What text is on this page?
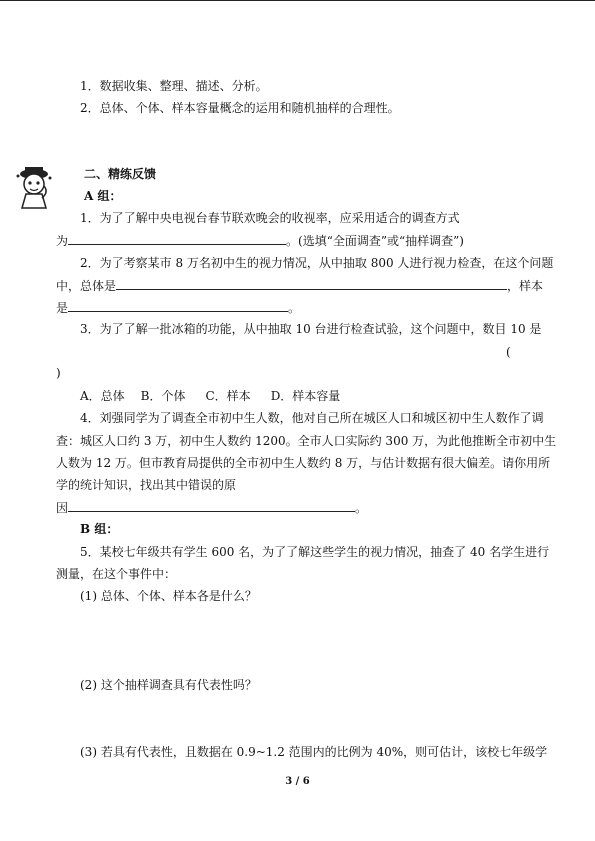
1．数据收集、整理、描述、分析。
2．总体、个体、样本容量概念的运用和随机抽样的合理性。
二、精练反馈
A 组：
1．为了了解中央电视台春节联欢晚会的收视率，应采用适合的调查方式
为	。(选填“全面调查”或“抽样调查”)
2．为了考察某市 8 万名初中生的视力情况，从中抽取 800 人进行视力检查，在这个问题
中，总体是	，样本
是	。
3．为了了解一批冰箱的功能，从中抽取 10 台进行检查试验，这个问题中，数目 10 是
(
)
A．总体 B．个体 C．样本 D．样本容量
4．刘强同学为了调查全市初中生人数，他对自己所在城区人口和城区初中生人数作了调
查：城区人口约 3 万，初中生人数约 1200。全市人口实际约 300 万，为此他推断全市初中生
人数为 12 万。但市教育局提供的全市初中生人数约 8 万，与估计数据有很大偏差。请你用所
学的统计知识，找出其中错误的原
因	。
B 组：
5．某校七年级共有学生 600 名，为了了解这些学生的视力情况，抽查了 40 名学生进行
测量，在这个事件中：
(1) 总体、个体、样本各是什么？
(2) 这个抽样调查具有代表性吗？
(3) 若具有代表性，且数据在 0.9~1.2 范围内的比例为 40%，则可估计，该校七年级学
3 / 6
